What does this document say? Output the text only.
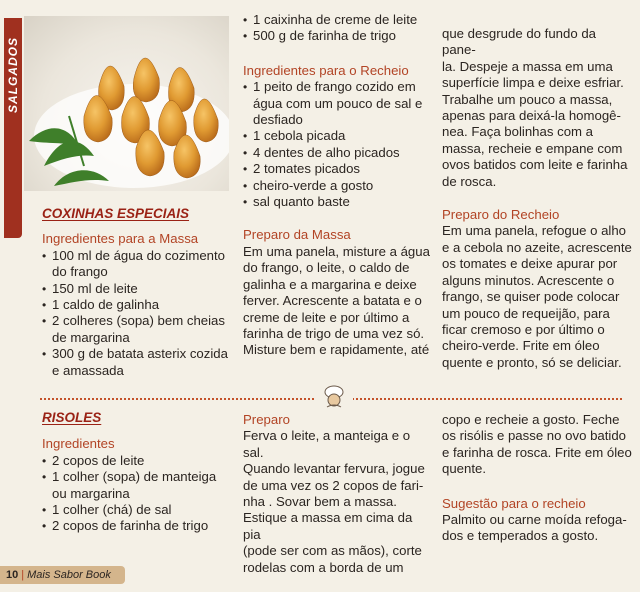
SALGADOS

COXINHAS ESPECIAIS

Ingredientes para a Massa

• 100 ml de água do cozimento
do frango
• 150 ml de leite
• 1 caldo de galinha
• 2 colheres (sopa) bem cheias
de margarina
• 300 g de batata asterix cozida
e amassada
• 1 caixinha de creme de leite
• 500 g de farinha de trigo

Ingredientes para o Recheio

• 1 peito de frango cozido em
água com um pouco de sal e
desfiado
• 1 cebola picada
• 4 dentes de alho picados
• 2 tomates picados
• cheiro-verde a gosto
• sal quanto baste

Preparo da Massa

Em uma panela, misture a água

do frango, o leite, o caldo de

galinha e a margarina e deixe

ferver. Acrescente a batata e o

creme de leite e por último a

farinha de trigo de uma vez só.

Misture bem e rapidamente, até

que desgrude do fundo da pane-

la. Despeje a massa em uma

superfície limpa e deixe esfriar.

Trabalhe um pouco a massa,

apenas para deixá-la homogê-

nea. Faça bolinhas com a

massa, recheie e empane com

ovos batidos com leite e farinha

de rosca.

Preparo do Recheio

Em uma panela, refogue o alho

e a cebola no azeite, acrescente

os tomates e deixe apurar por

alguns minutos. Acrescente o

frango, se quiser pode colocar

um pouco de requeijão, para

ficar cremoso e por último o

cheiro-verde. Frite em óleo

quente e pronto, só se deliciar.

RISOLES

Ingredientes

• 2 copos de leite
• 1 colher (sopa) de manteiga
ou margarina
• 1 colher (chá) de sal
• 2 copos de farinha de trigo

Preparo

Ferva o leite, a manteiga e o sal.

Quando levantar fervura, jogue

de uma vez os 2 copos de fari-

nha . Sovar bem a massa.

Estique a massa em cima da pia

(pode ser com as mãos), corte

rodelas com a borda de um

copo e recheie a gosto. Feche

os risólis e passe no ovo batido

e farinha de rosca. Frite em óleo

quente.

Sugestão para o recheio

Palmito ou carne moída refoga-

dos e temperados a gosto.

10 | Mais Sabor Book
